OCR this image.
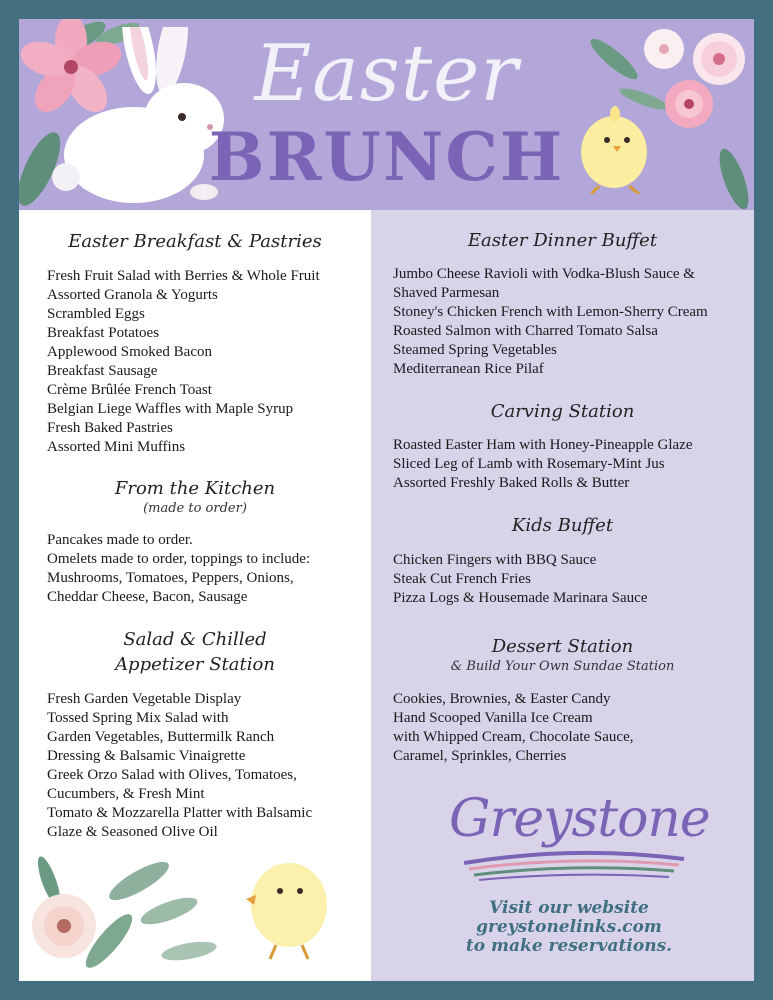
Easter
BRUNCH
Easter Breakfast & Pastries
Fresh Fruit Salad with Berries & Whole Fruit
Assorted Granola & Yogurts
Scrambled Eggs
Breakfast Potatoes
Applewood Smoked Bacon
Breakfast Sausage
Crème Brûlée French Toast
Belgian Liege Waffles with Maple Syrup
Fresh Baked Pastries
Assorted Mini Muffins
From the Kitchen
(made to order)
Pancakes made to order.
Omelets made to order, toppings to include:
Mushrooms, Tomatoes, Peppers, Onions,
Cheddar Cheese, Bacon, Sausage
Salad & Chilled
Appetizer Station
Fresh Garden Vegetable Display
Tossed Spring Mix Salad with
Garden Vegetables, Buttermilk Ranch
Dressing & Balsamic Vinaigrette
Greek Orzo Salad with Olives, Tomatoes,
Cucumbers, & Fresh Mint
Tomato & Mozzarella Platter with Balsamic
Glaze & Seasoned Olive Oil
Easter Dinner Buffet
Jumbo Cheese Ravioli with Vodka-Blush Sauce &
Shaved Parmesan
Stoney's Chicken French with Lemon-Sherry Cream
Roasted Salmon with Charred Tomato Salsa
Steamed Spring Vegetables
Mediterranean Rice Pilaf
Carving Station
Roasted Easter Ham with Honey-Pineapple Glaze
Sliced Leg of Lamb with Rosemary-Mint Jus
Assorted Freshly Baked Rolls & Butter
Kids Buffet
Chicken Fingers with BBQ Sauce
Steak Cut French Fries
Pizza Logs & Housemade Marinara Sauce
Dessert Station
& Build Your Own Sundae Station
Cookies, Brownies, & Easter Candy
Hand Scooped Vanilla Ice Cream
with Whipped Cream, Chocolate Sauce,
Caramel, Sprinkles, Cherries
Greystone
Visit our website
greystonelinks.com
to make reservations.
